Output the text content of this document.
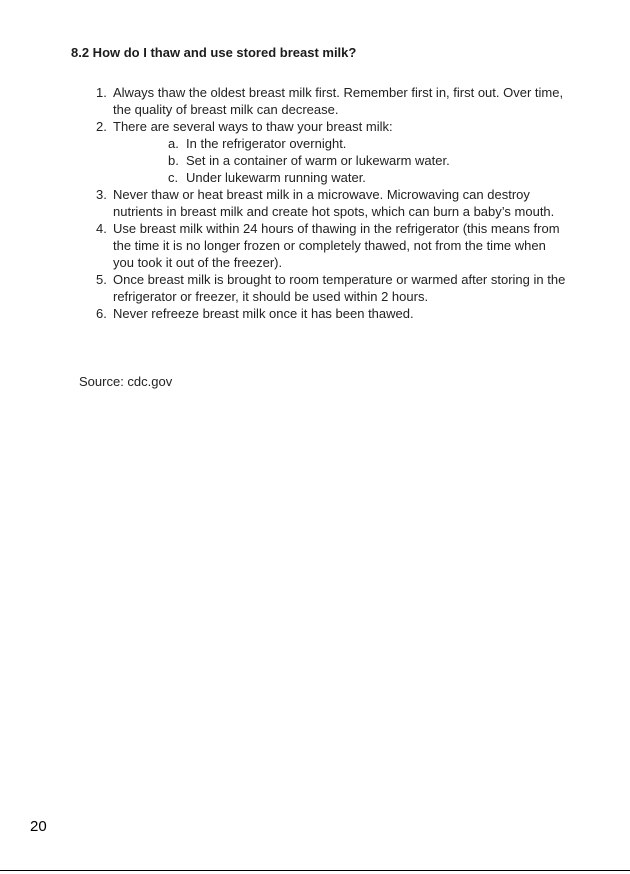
8.2 How do I thaw and use stored breast milk?
1. Always thaw the oldest breast milk first. Remember first in, first out. Over time, the quality of breast milk can decrease.
2. There are several ways to thaw your breast milk:
a. In the refrigerator overnight.
b. Set in a container of warm or lukewarm water.
c. Under lukewarm running water.
3. Never thaw or heat breast milk in a microwave. Microwaving can destroy nutrients in breast milk and create hot spots, which can burn a baby’s mouth.
4. Use breast milk within 24 hours of thawing in the refrigerator (this means from the time it is no longer frozen or completely thawed, not from the time when you took it out of the freezer).
5. Once breast milk is brought to room temperature or warmed after storing in the refrigerator or freezer, it should be used within 2 hours.
6. Never refreeze breast milk once it has been thawed.
Source: cdc.gov
20
